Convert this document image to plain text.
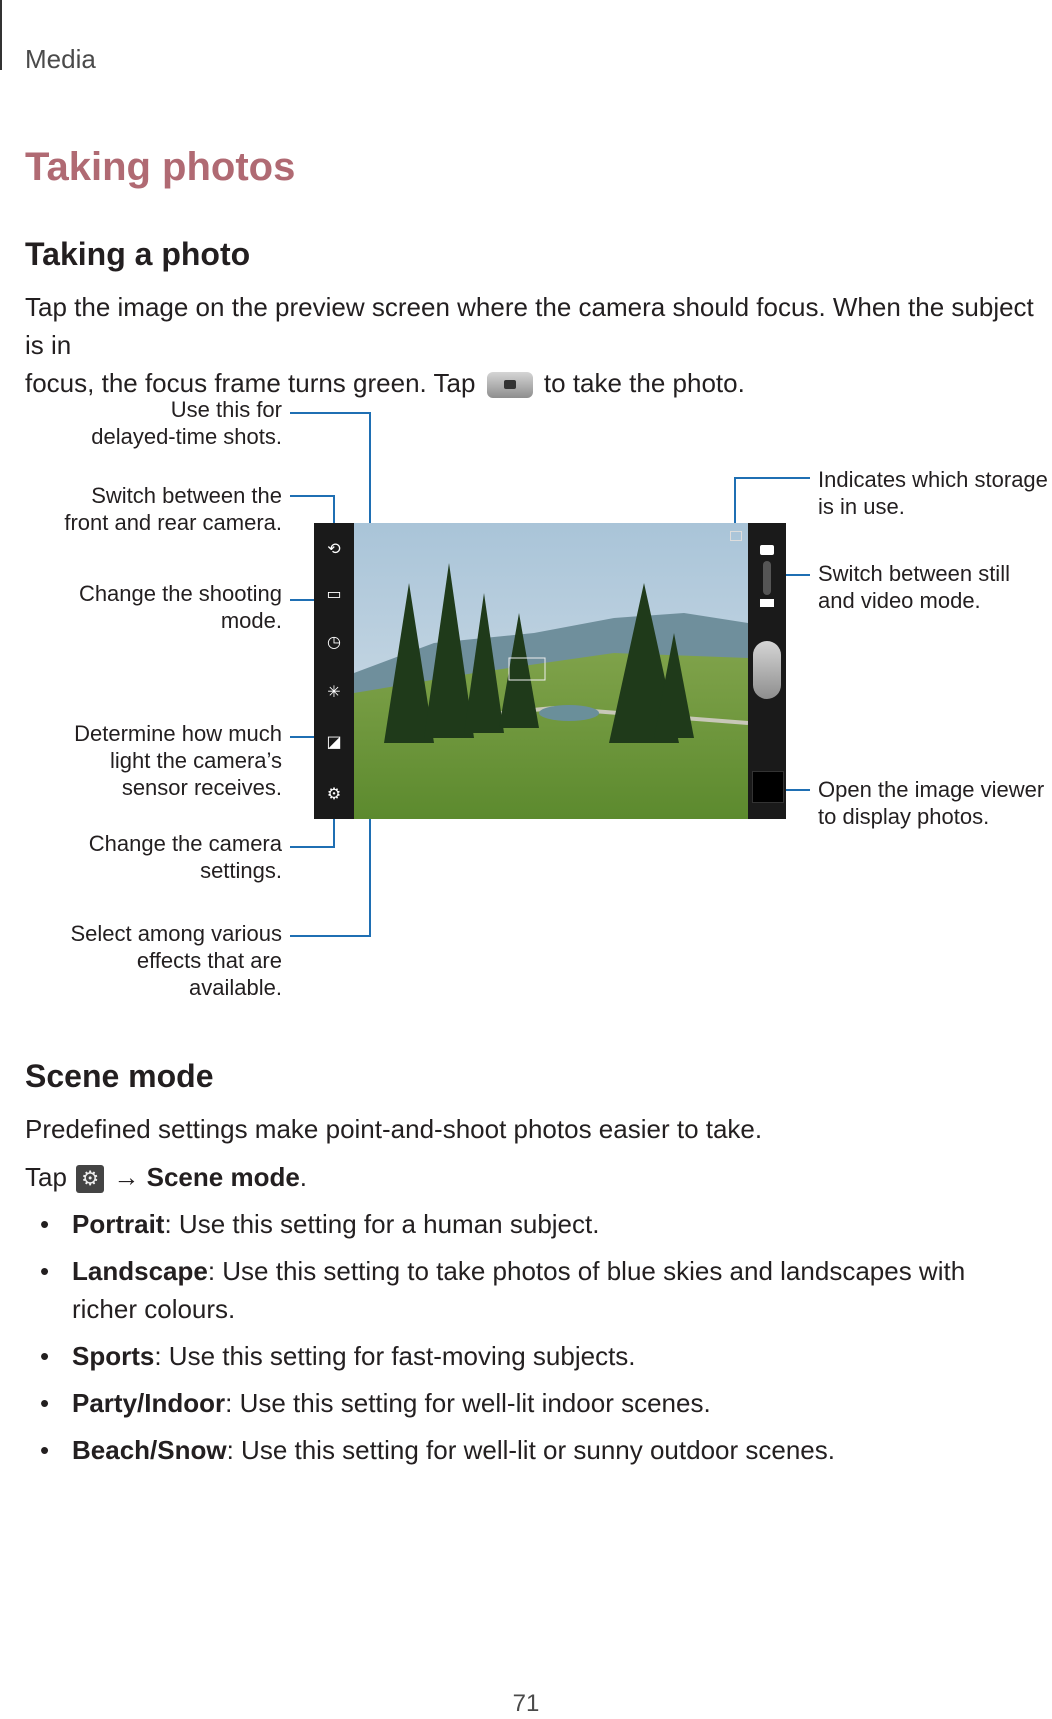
Media
Taking photos
Taking a photo
Tap the image on the preview screen where the camera should focus. When the subject is in
focus, the focus frame turns green. Tap	to take the photo.
Use this for
delayed-time shots.
Switch between the
front and rear camera.
Change the shooting
mode.
Determine how much
light the camera’s
sensor receives.
Change the camera
settings.
Select among various
effects that are
available.
Indicates which storage
is in use.
Switch between still
and video mode.
Open the image viewer
to display photos.
⟲
▭
◷
✳
◪
⚙
Scene mode
Predefined settings make point-and-shoot photos easier to take.
Tap ⚙ → Scene mode.
• Portrait: Use this setting for a human subject.
• Landscape: Use this setting to take photos of blue skies and landscapes with richer colours.
• Sports: Use this setting for fast-moving subjects.
• Party/Indoor: Use this setting for well-lit indoor scenes.
• Beach/Snow: Use this setting for well-lit or sunny outdoor scenes.
71
